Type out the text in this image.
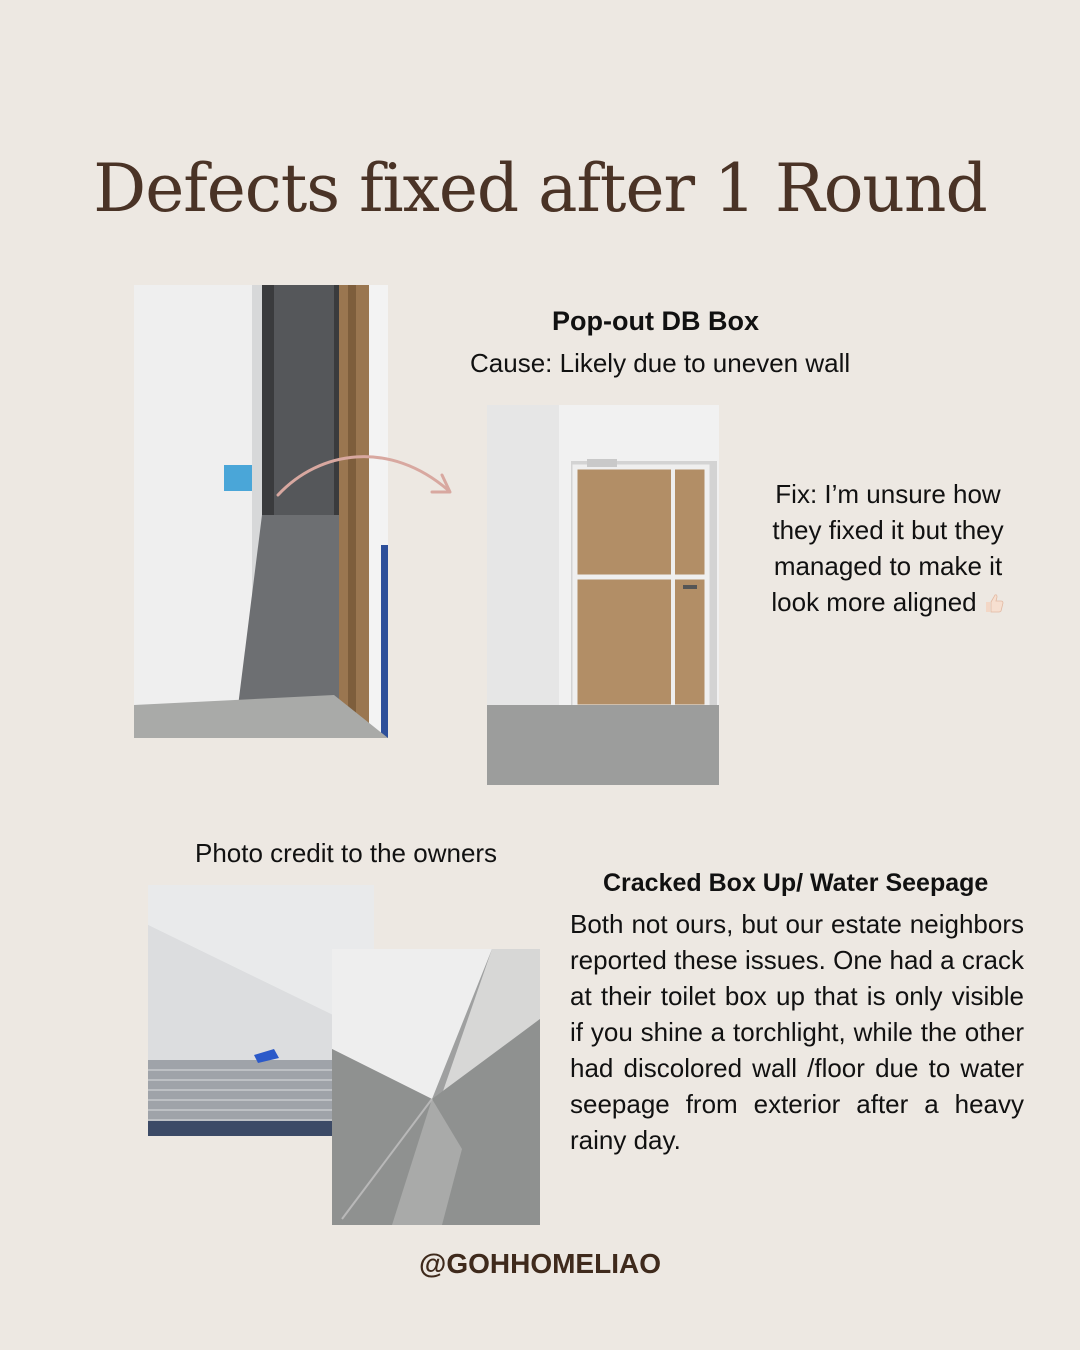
Defects fixed after 1 Round
Pop-out DB Box
Cause: Likely due to uneven wall
Fix: I’m unsure how they fixed it but they managed to make it look more aligned
Photo credit to the owners
Cracked Box Up/ Water Seepage
Both not ours, but our estate neighbors reported these issues. One had a crack at their toilet box up that is only visible if you shine a torchlight, while the other had discolored wall /floor due to water seepage from exterior after a heavy rainy day.
@GOHHOMELIAO
